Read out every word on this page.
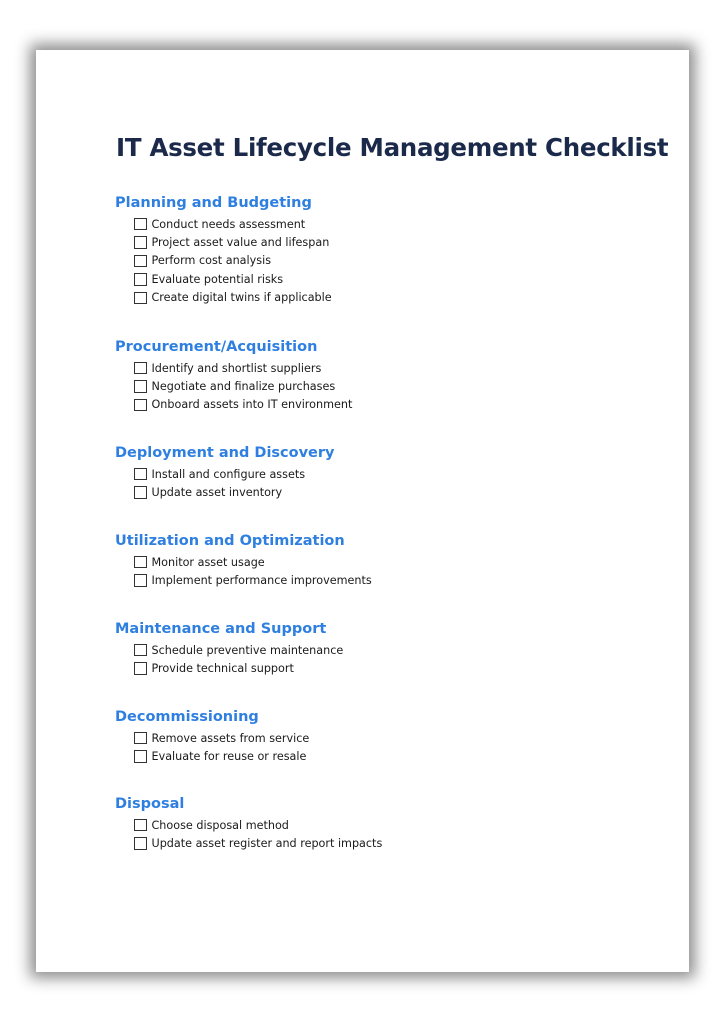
IT Asset Lifecycle Management Checklist
Planning and Budgeting
Conduct needs assessment
Project asset value and lifespan
Perform cost analysis
Evaluate potential risks
Create digital twins if applicable
Procurement/Acquisition
Identify and shortlist suppliers
Negotiate and finalize purchases
Onboard assets into IT environment
Deployment and Discovery
Install and configure assets
Update asset inventory
Utilization and Optimization
Monitor asset usage
Implement performance improvements
Maintenance and Support
Schedule preventive maintenance
Provide technical support
Decommissioning
Remove assets from service
Evaluate for reuse or resale
Disposal
Choose disposal method
Update asset register and report impacts
